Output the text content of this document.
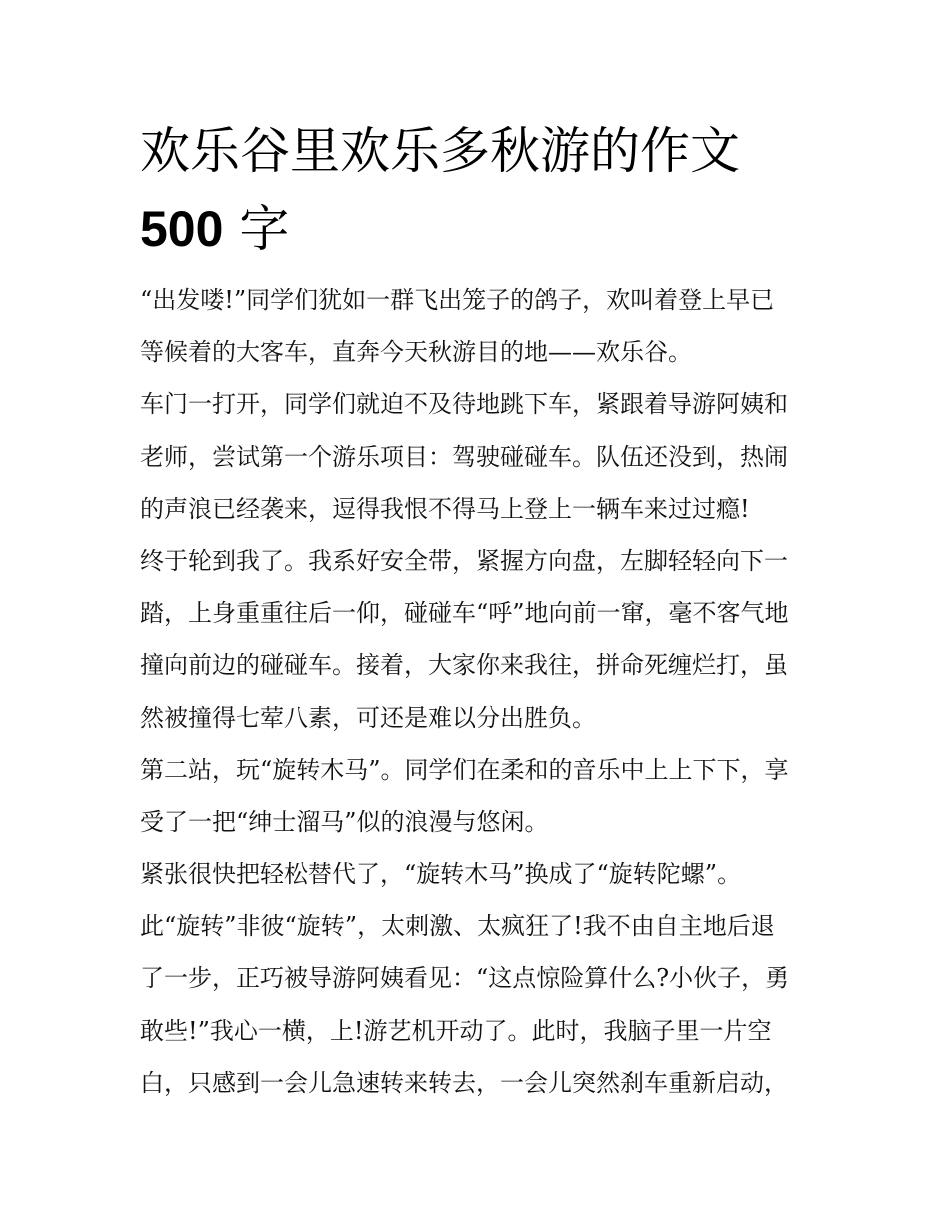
欢乐谷里欢乐多秋游的作文
500 字
“出发喽!”同学们犹如一群飞出笼子的鸽子，欢叫着登上早已
等候着的大客车，直奔今天秋游目的地——欢乐谷。
车门一打开，同学们就迫不及待地跳下车，紧跟着导游阿姨和
老师，尝试第一个游乐项目：驾驶碰碰车。队伍还没到，热闹
的声浪已经袭来，逗得我恨不得马上登上一辆车来过过瘾!
终于轮到我了。我系好安全带，紧握方向盘，左脚轻轻向下一
踏，上身重重往后一仰，碰碰车“呼”地向前一窜，毫不客气地
撞向前边的碰碰车。接着，大家你来我往，拼命死缠烂打，虽
然被撞得七荤八素，可还是难以分出胜负。
第二站，玩“旋转木马”。同学们在柔和的音乐中上上下下，享
受了一把“绅士溜马”似的浪漫与悠闲。
紧张很快把轻松替代了，“旋转木马”换成了“旋转陀螺”。
此“旋转”非彼“旋转”，太刺激、太疯狂了!我不由自主地后退
了一步，正巧被导游阿姨看见：“这点惊险算什么?小伙子，勇
敢些!”我心一横，上!游艺机开动了。此时，我脑子里一片空
白，只感到一会儿急速转来转去，一会儿突然刹车重新启动，
